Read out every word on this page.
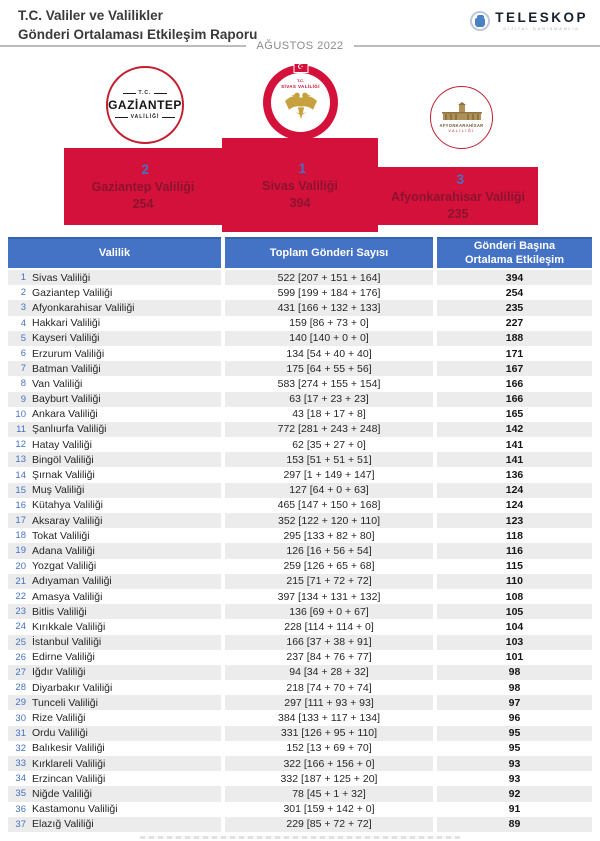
T.C. Valiler ve Valilikler
Gönderi Ortalaması Etkileşim Raporu
TELESKOP
DİJİTAL DANIŞMANLIK
AĞUSTOS 2022
T.C.
GAZİANTEP
VALİLİĞİ
☪
T.C.
SİVAS VALİLİĞİ
AFYONKARAHİSAR
VALİLİĞİ
2
Gaziantep Valiliği
254
1
Sivas Valiliği
394
3
Afyonkarahisar Valiliği
235
Valilik	Toplam Gönderi Sayısı
Gönderi Başına
Ortalama Etkileşim
1 Sivas Valiliği	522 [207 + 151 + 164]	394
2 Gaziantep Valiliği	599 [199 + 184 + 176]	254
3 Afyonkarahisar Valiliği	431 [166 + 132 + 133]	235
4 Hakkari Valiliği	159 [86 + 73 + 0]	227
5 Kayseri Valiliği	140 [140 + 0 + 0]	188
6 Erzurum Valiliği	134 [54 + 40 + 40]	171
7 Batman Valiliği	175 [64 + 55 + 56]	167
8 Van Valiliği	583 [274 + 155 + 154]	166
9 Bayburt Valiliği	63 [17 + 23 + 23]	166
10 Ankara Valiliği	43 [18 + 17 + 8]	165
11 Şanlıurfa Valiliği	772 [281 + 243 + 248]	142
12 Hatay Valiliği	62 [35 + 27 + 0]	141
13 Bingöl Valiliği	153 [51 + 51 + 51]	141
14 Şırnak Valiliği	297 [1 + 149 + 147]	136
15 Muş Valiliği	127 [64 + 0 + 63]	124
16 Kütahya Valiliği	465 [147 + 150 + 168]	124
17 Aksaray Valiliği	352 [122 + 120 + 110]	123
18 Tokat Valiliği	295 [133 + 82 + 80]	118
19 Adana Valiliği	126 [16 + 56 + 54]	116
20 Yozgat Valiliği	259 [126 + 65 + 68]	115
21 Adıyaman Valiliği	215 [71 + 72 + 72]	110
22 Amasya Valiliği	397 [134 + 131 + 132]	108
23 Bitlis Valiliği	136 [69 + 0 + 67]	105
24 Kırıkkale Valiliği	228 [114 + 114 + 0]	104
25 İstanbul Valiliği	166 [37 + 38 + 91]	103
26 Edirne Valiliği	237 [84 + 76 + 77]	101
27 Iğdır Valiliği	94 [34 + 28 + 32]	98
28 Diyarbakır Valiliği	218 [74 + 70 + 74]	98
29 Tunceli Valiliği	297 [111 + 93 + 93]	97
30 Rize Valiliği	384 [133 + 117 + 134]	96
31 Ordu Valiliği	331 [126 + 95 + 110]	95
32 Balıkesir Valiliği	152 [13 + 69 + 70]	95
33 Kırklareli Valiliği	322 [166 + 156 + 0]	93
34 Erzincan Valiliği	332 [187 + 125 + 20]	93
35 Niğde Valiliği	78 [45 + 1 + 32]	92
36 Kastamonu Valiliği	301 [159 + 142 + 0]	91
37 Elazığ Valiliği	229 [85 + 72 + 72]	89
